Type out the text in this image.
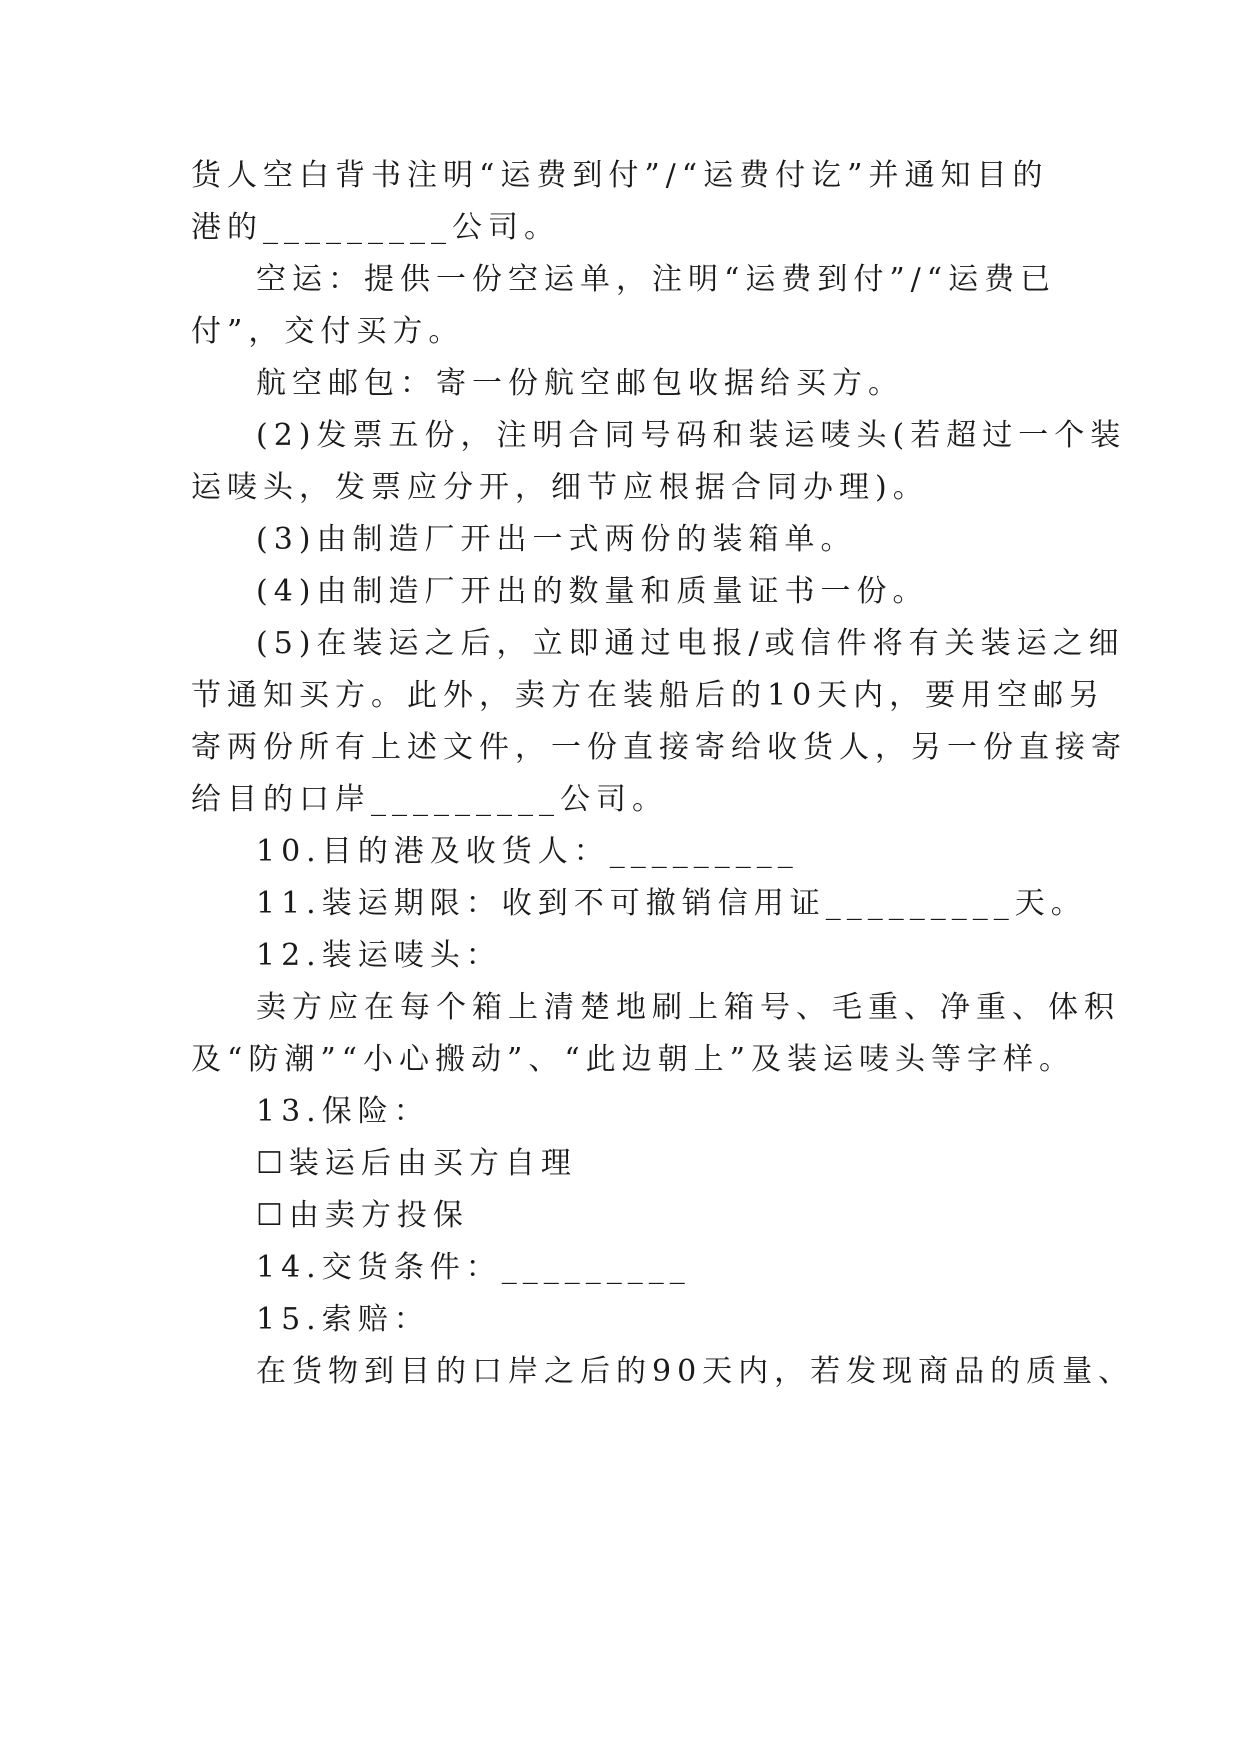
货人空白背书注明“运费到付”/“运费付讫”并通知目的
港的_________公司。
空运：提供一份空运单，注明“运费到付”/“运费已
付”，交付买方。
航空邮包：寄一份航空邮包收据给买方。
(2)发票五份，注明合同号码和装运唛头(若超过一个装
运唛头，发票应分开，细节应根据合同办理)。
(3)由制造厂开出一式两份的装箱单。
(4)由制造厂开出的数量和质量证书一份。
(5)在装运之后，立即通过电报/或信件将有关装运之细
节通知买方。此外，卖方在装船后的10天内，要用空邮另
寄两份所有上述文件，一份直接寄给收货人，另一份直接寄
给目的口岸_________公司。
10.目的港及收货人：_________
11.装运期限：收到不可撤销信用证_________天。
12.装运唛头：
卖方应在每个箱上清楚地刷上箱号、毛重、净重、体积
及“防潮”“小心搬动”、“此边朝上”及装运唛头等字样。
13.保险：
☐装运后由买方自理
☐由卖方投保
14.交货条件：_________
15.索赔：
在货物到目的口岸之后的90天内，若发现商品的质量、
